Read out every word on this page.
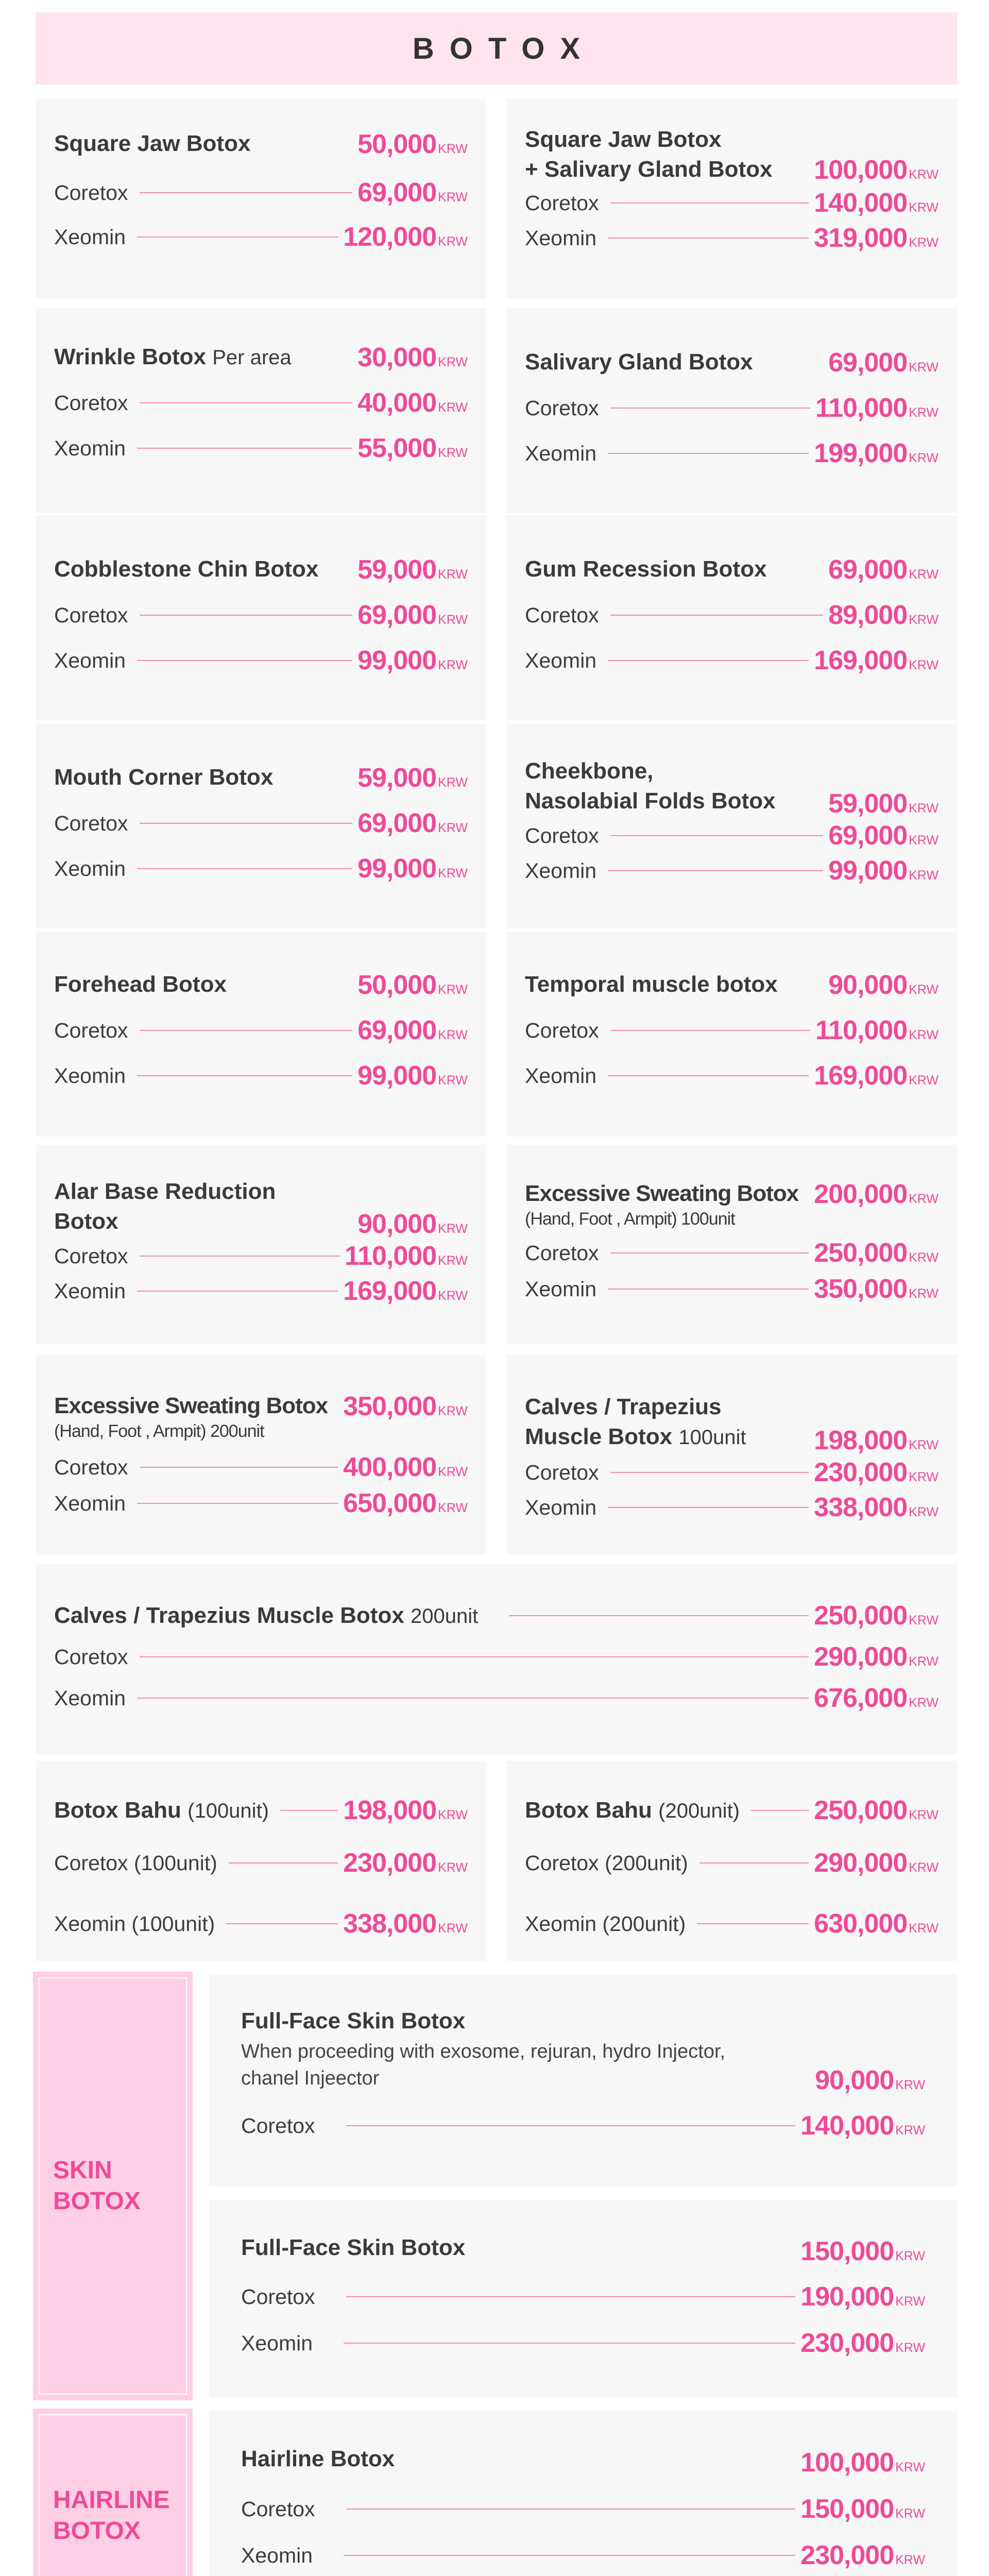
BOTOX
Square Jaw Botox	50,000 KRW
Coretox	69,000 KRW
Xeomin	120,000 KRW
Square Jaw Botox
+ Salivary Gland Botox 100,000 KRW
Coretox	140,000 KRW
Xeomin	319,000 KRW
Wrinkle Botox Per area 30,000 KRW
Coretox	40,000 KRW
Xeomin	55,000 KRW
Salivary Gland Botox	69,000 KRW
Coretox	110,000 KRW
Xeomin	199,000 KRW
Cobblestone Chin Botox 59,000 KRW
Coretox	69,000 KRW
Xeomin	99,000 KRW
Gum Recession Botox 69,000 KRW
Coretox	89,000 KRW
Xeomin	169,000 KRW
Mouth Corner Botox	59,000 KRW
Coretox	69,000 KRW
Xeomin	99,000 KRW
Cheekbone,
Nasolabial Folds Botox 59,000 KRW
Coretox	69,000 KRW
Xeomin	99,000 KRW
Forehead Botox	50,000 KRW
Coretox	69,000 KRW
Xeomin	99,000 KRW
Temporal muscle botox 90,000 KRW
Coretox	110,000 KRW
Xeomin	169,000 KRW
Alar Base Reduction
Botox	90,000 KRW
Coretox	110,000 KRW
Xeomin	169,000 KRW
Excessive Sweating Botox
(Hand, Foot , Armpit) 100unit
200,000 KRW
Coretox	250,000 KRW
Xeomin	350,000 KRW
Excessive Sweating Botox
(Hand, Foot , Armpit) 200unit
350,000 KRW
Coretox	400,000 KRW
Xeomin	650,000 KRW
Calves / Trapezius
Muscle Botox 100unit	198,000 KRW
Coretox	230,000 KRW
Xeomin	338,000 KRW
Calves / Trapezius Muscle Botox 200unit	250,000 KRW
Coretox	290,000 KRW
Xeomin	676,000 KRW
Botox Bahu (100unit)	198,000 KRW
Coretox (100unit)	230,000 KRW
Xeomin (100unit)	338,000 KRW
Botox Bahu (200unit)	250,000 KRW
Coretox (200unit)	290,000 KRW
Xeomin (200unit)	630,000 KRW
SKIN
BOTOX
Full-Face Skin Botox
When proceeding with exosome, rejuran, hydro Injector,
chanel Injeector	90,000 KRW
Coretox	140,000 KRW
Full-Face Skin Botox	150,000 KRW
Coretox	190,000 KRW
Xeomin	230,000 KRW
HAIRLINE
BOTOX
Hairline Botox	100,000 KRW
Coretox	150,000 KRW
Xeomin	230,000 KRW
